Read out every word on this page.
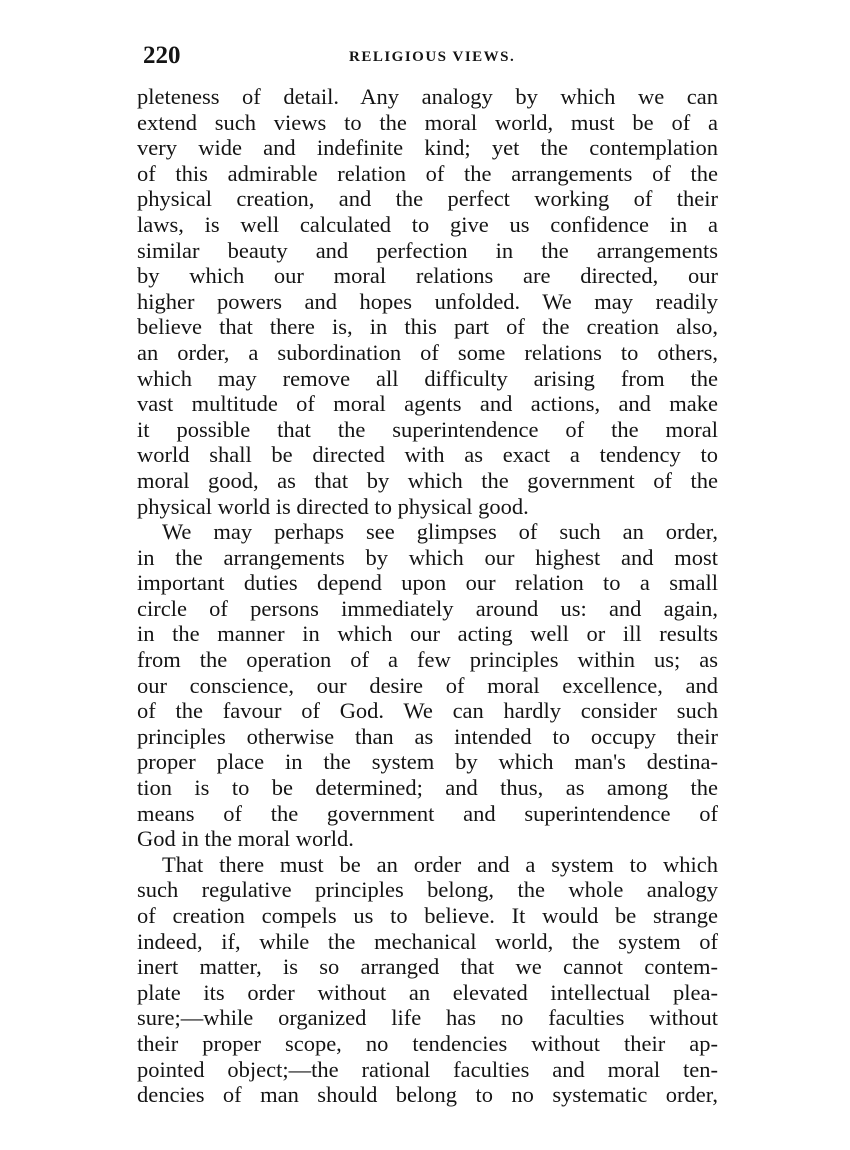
220	RELIGIOUS VIEWS.
pleteness of detail. Any analogy by which we can
extend such views to the moral world, must be of a
very wide and indefinite kind; yet the contemplation
of this admirable relation of the arrangements of the
physical creation, and the perfect working of their
laws, is well calculated to give us confidence in a
similar beauty and perfection in the arrangements
by which our moral relations are directed, our
higher powers and hopes unfolded. We may readily
believe that there is, in this part of the creation also,
an order, a subordination of some relations to others,
which may remove all difficulty arising from the
vast multitude of moral agents and actions, and make
it possible that the superintendence of the moral
world shall be directed with as exact a tendency to
moral good, as that by which the government of the
physical world is directed to physical good.
We may perhaps see glimpses of such an order,
in the arrangements by which our highest and most
important duties depend upon our relation to a small
circle of persons immediately around us: and again,
in the manner in which our acting well or ill results
from the operation of a few principles within us; as
our conscience, our desire of moral excellence, and
of the favour of God. We can hardly consider such
principles otherwise than as intended to occupy their
proper place in the system by which man's destina-
tion is to be determined; and thus, as among the
means of the government and superintendence of
God in the moral world.
That there must be an order and a system to which
such regulative principles belong, the whole analogy
of creation compels us to believe. It would be strange
indeed, if, while the mechanical world, the system of
inert matter, is so arranged that we cannot contem-
plate its order without an elevated intellectual plea-
sure;—while organized life has no faculties without
their proper scope, no tendencies without their ap-
pointed object;—the rational faculties and moral ten-
dencies of man should belong to no systematic order,
